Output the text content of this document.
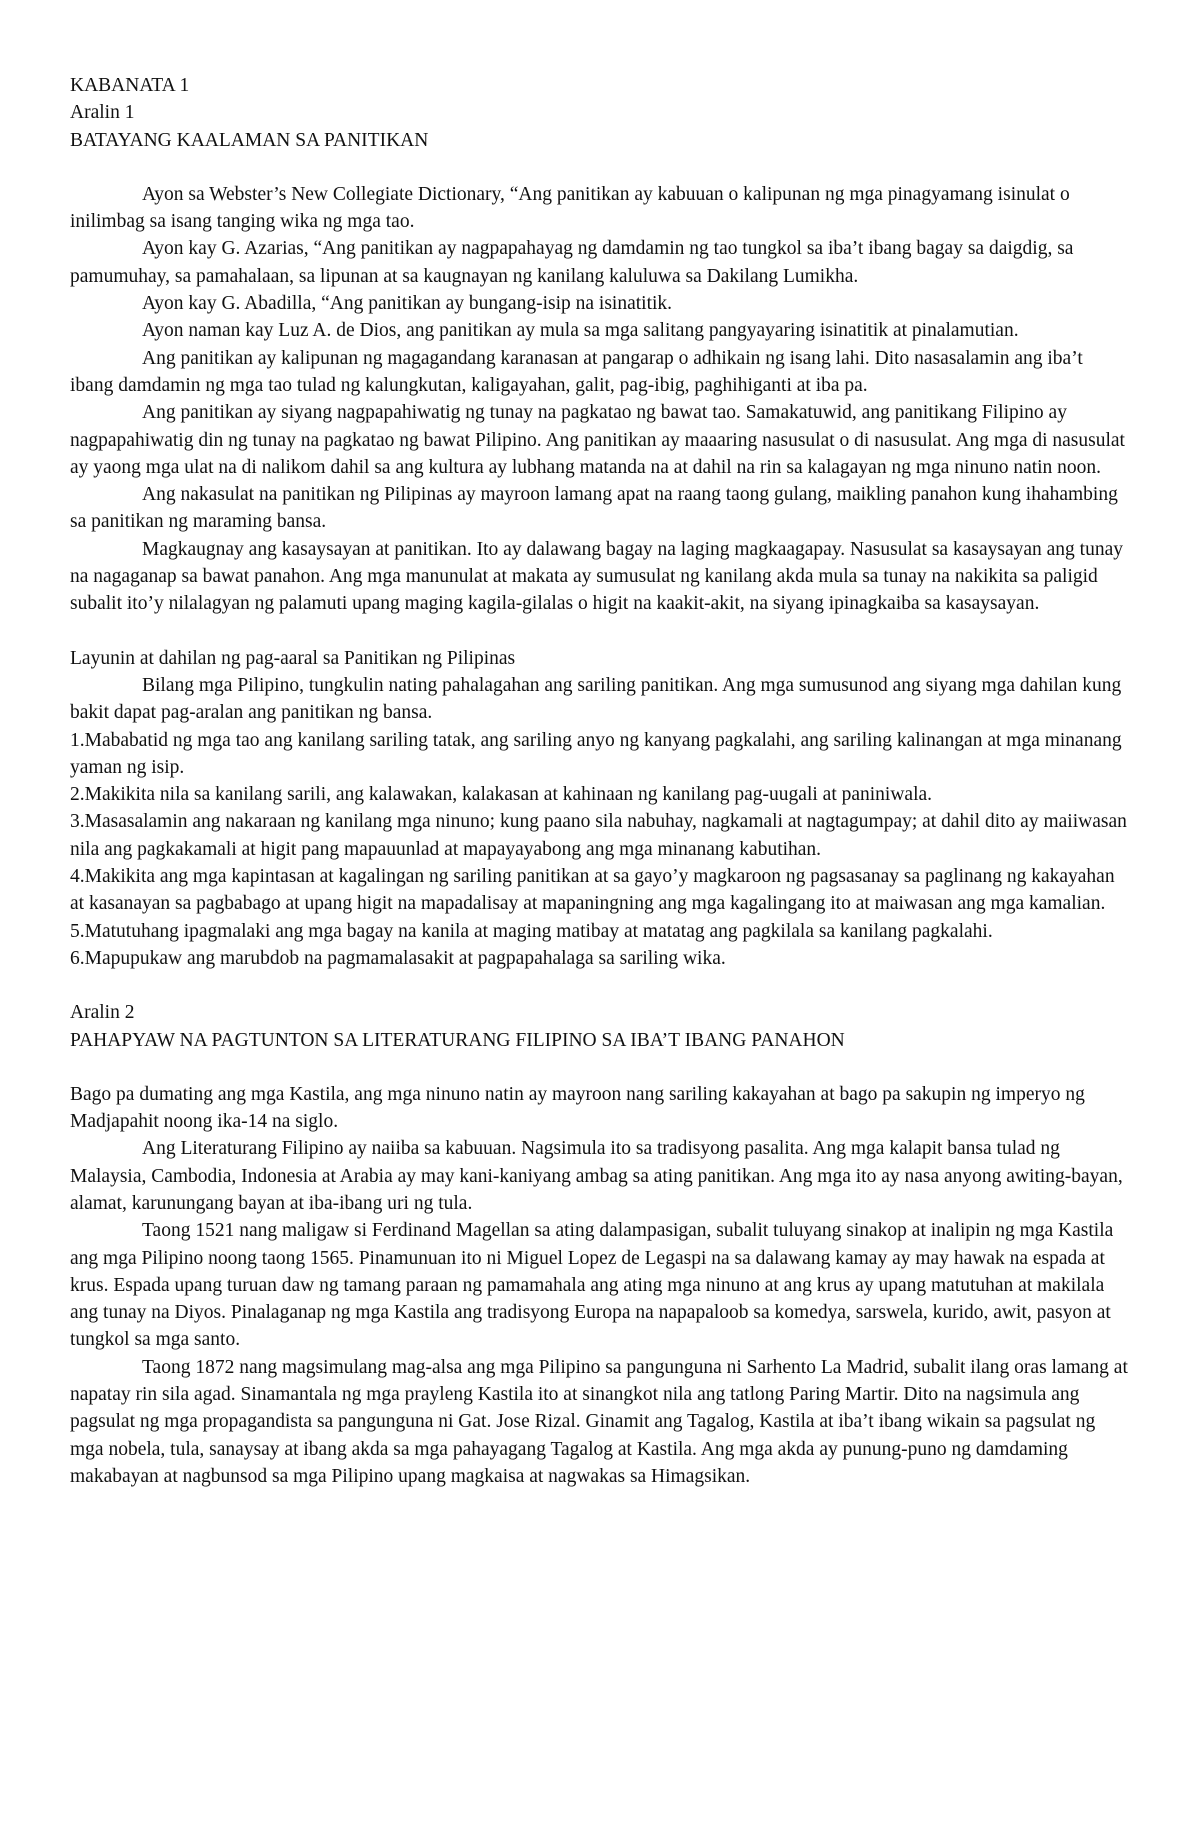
KABANATA 1

Aralin 1

BATAYANG KAALAMAN SA PANITIKAN

Ayon sa Webster’s New Collegiate Dictionary, “Ang panitikan ay kabuuan o kalipunan ng mga pinagyamang isinulat o inilimbag sa isang tanging wika ng mga tao.

Ayon kay G. Azarias, “Ang panitikan ay nagpapahayag ng damdamin ng tao tungkol sa iba’t ibang bagay sa daigdig, sa pamumuhay, sa pamahalaan, sa lipunan at sa kaugnayan ng kanilang kaluluwa sa Dakilang Lumikha.

Ayon kay G. Abadilla, “Ang panitikan ay bungang-isip na isinatitik.

Ayon naman kay Luz A. de Dios, ang panitikan ay mula sa mga salitang pangyayaring isinatitik at pinalamutian.

Ang panitikan ay kalipunan ng magagandang karanasan at pangarap o adhikain ng isang lahi. Dito nasasalamin ang iba’t ibang damdamin ng mga tao tulad ng kalungkutan, kaligayahan, galit, pag-ibig, paghihiganti at iba pa.

Ang panitikan ay siyang nagpapahiwatig ng tunay na pagkatao ng bawat tao. Samakatuwid, ang panitikang Filipino ay nagpapahiwatig din ng tunay na pagkatao ng bawat Pilipino. Ang panitikan ay maaaring nasusulat o di nasusulat. Ang mga di nasusulat ay yaong mga ulat na di nalikom dahil sa ang kultura ay lubhang matanda na at dahil na rin sa kalagayan ng mga ninuno natin noon.

Ang nakasulat na panitikan ng Pilipinas ay mayroon lamang apat na raang taong gulang, maikling panahon kung ihahambing sa panitikan ng maraming bansa.

Magkaugnay ang kasaysayan at panitikan. Ito ay dalawang bagay na laging magkaagapay. Nasusulat sa kasaysayan ang tunay na nagaganap sa bawat panahon. Ang mga manunulat at makata ay sumusulat ng kanilang akda mula sa tunay na nakikita sa paligid subalit ito’y nilalagyan ng palamuti upang maging kagila-gilalas o higit na kaakit-akit, na siyang ipinagkaiba sa kasaysayan.

Layunin at dahilan ng pag-aaral sa Panitikan ng Pilipinas

Bilang mga Pilipino, tungkulin nating pahalagahan ang sariling panitikan. Ang mga sumusunod ang siyang mga dahilan kung bakit dapat pag-aralan ang panitikan ng bansa.

1.Mababatid ng mga tao ang kanilang sariling tatak, ang sariling anyo ng kanyang pagkalahi, ang sariling kalinangan at mga minanang yaman ng isip.

2.Makikita nila sa kanilang sarili, ang kalawakan, kalakasan at kahinaan ng kanilang pag-uugali at paniniwala.

3.Masasalamin ang nakaraan ng kanilang mga ninuno; kung paano sila nabuhay, nagkamali at nagtagumpay; at dahil dito ay maiiwasan nila ang pagkakamali at higit pang mapauunlad at mapayayabong ang mga minanang kabutihan.

4.Makikita ang mga kapintasan at kagalingan ng sariling panitikan at sa gayo’y magkaroon ng pagsasanay sa paglinang ng kakayahan at kasanayan sa pagbabago at upang higit na mapadalisay at mapaningning ang mga kagalingang ito at maiwasan ang mga kamalian.

5.Matutuhang ipagmalaki ang mga bagay na kanila at maging matibay at matatag ang pagkilala sa kanilang pagkalahi.

6.Mapupukaw ang marubdob na pagmamalasakit at pagpapahalaga sa sariling wika.

Aralin 2

PAHAPYAW NA PAGTUNTON SA LITERATURANG FILIPINO SA IBA’T IBANG PANAHON

Bago pa dumating ang mga Kastila, ang mga ninuno natin ay mayroon nang sariling kakayahan at bago pa sakupin ng imperyo ng Madjapahit noong ika-14 na siglo.

Ang Literaturang Filipino ay naiiba sa kabuuan. Nagsimula ito sa tradisyong pasalita. Ang mga kalapit bansa tulad ng Malaysia, Cambodia, Indonesia at Arabia ay may kani-kaniyang ambag sa ating panitikan. Ang mga ito ay nasa anyong awiting-bayan, alamat, karunungang bayan at iba-ibang uri ng tula.

Taong 1521 nang maligaw si Ferdinand Magellan sa ating dalampasigan, subalit tuluyang sinakop at inalipin ng mga Kastila ang mga Pilipino noong taong 1565. Pinamunuan ito ni Miguel Lopez de Legaspi na sa dalawang kamay ay may hawak na espada at krus. Espada upang turuan daw ng tamang paraan ng pamamahala ang ating mga ninuno at ang krus ay upang matutuhan at makilala ang tunay na Diyos. Pinalaganap ng mga Kastila ang tradisyong Europa na napapaloob sa komedya, sarswela, kurido, awit, pasyon at tungkol sa mga santo.

Taong 1872 nang magsimulang mag-alsa ang mga Pilipino sa pangunguna ni Sarhento La Madrid, subalit ilang oras lamang at napatay rin sila agad. Sinamantala ng mga prayleng Kastila ito at sinangkot nila ang tatlong Paring Martir. Dito na nagsimula ang pagsulat ng mga propagandista sa pangunguna ni Gat. Jose Rizal. Ginamit ang Tagalog, Kastila at iba’t ibang wikain sa pagsulat ng mga nobela, tula, sanaysay at ibang akda sa mga pahayagang Tagalog at Kastila. Ang mga akda ay punung-puno ng damdaming makabayan at nagbunsod sa mga Pilipino upang magkaisa at nagwakas sa Himagsikan.
